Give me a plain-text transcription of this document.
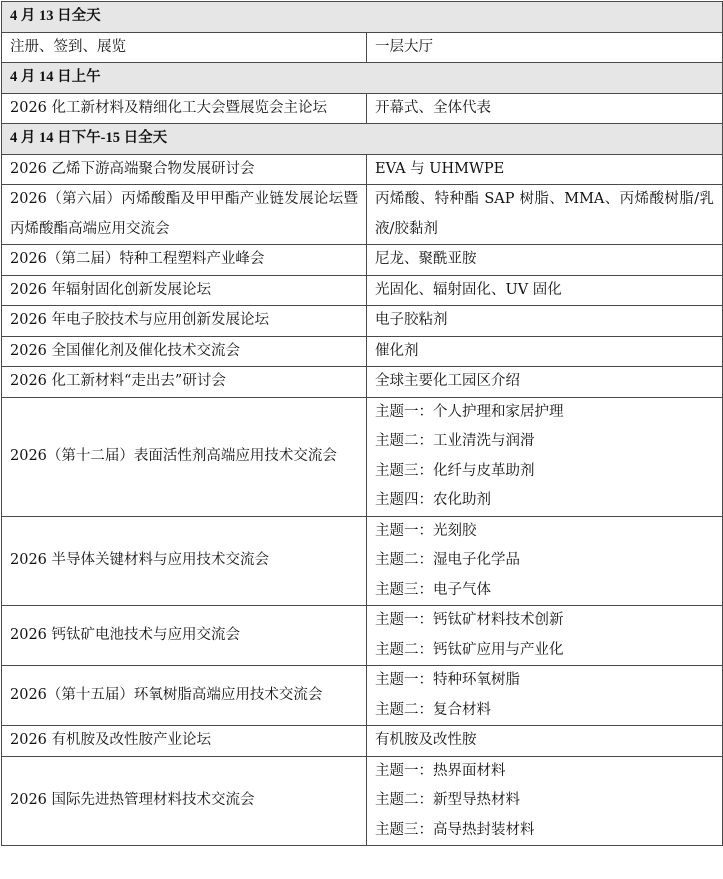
4 月 13 日全天	
注册、签到、展览	一层大厅

4 月 14 日上午	
2026 化工新材料及精细化工大会暨展览会主论坛	开幕式、全体代表

4 月 14 日下午-15 日全天	
2026 乙烯下游高端聚合物发展研讨会	EVA 与 UHMWPE

2026（第六届）丙烯酸酯及甲甲酯产业链发展论坛暨丙烯酸酯高端应用交流会	丙烯酸、特种酯 SAP 树脂、MMA、丙烯酸树脂/乳液/胶黏剂

2026（第二届）特种工程塑料产业峰会	尼龙、聚酰亚胺

2026 年辐射固化创新发展论坛	光固化、辐射固化、UV 固化

2026 年电子胶技术与应用创新发展论坛	电子胶粘剂

2026 全国催化剂及催化技术交流会	催化剂

2026 化工新材料“走出去”研讨会	全球主要化工园区介绍

2026（第十二届）表面活性剂高端应用技术交流会	主题一：个人护理和家居护理
主题二：工业清洗与润滑
主题三：化纤与皮革助剂
主题四：农化助剂

2026 半导体关键材料与应用技术交流会	主题一：光刻胶
主题二：湿电子化学品
主题三：电子气体

2026 钙钛矿电池技术与应用交流会	主题一：钙钛矿材料技术创新
主题二：钙钛矿应用与产业化

2026（第十五届）环氧树脂高端应用技术交流会	主题一：特种环氧树脂
主题二：复合材料

2026 有机胺及改性胺产业论坛	有机胺及改性胺

2026 国际先进热管理材料技术交流会	主题一：热界面材料
主题二：新型导热材料
主题三：高导热封装材料
